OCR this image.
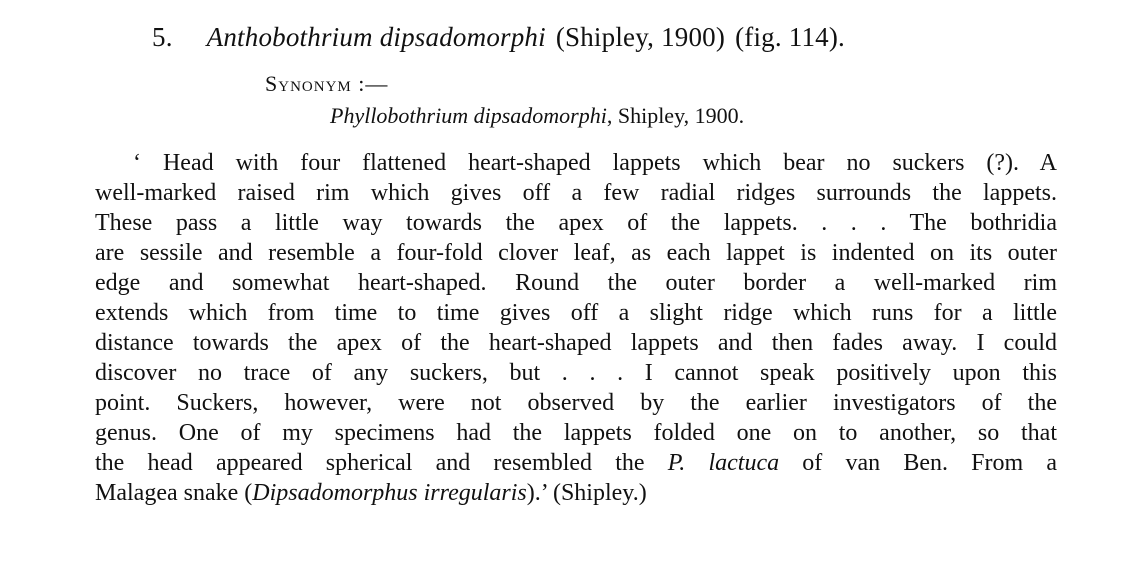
5. Anthobothrium dipsadomorphi (Shipley, 1900) (fig. 114).
Synonym :—
Phyllobothrium dipsadomorphi, Shipley, 1900.
‘ Head with four flattened heart-shaped lappets which bear no suckers (?). A
well-marked raised rim which gives off a few radial ridges surrounds the lappets.
These pass a little way towards the apex of the lappets. . . . The bothridia
are sessile and resemble a four-fold clover leaf, as each lappet is indented on its outer
edge and somewhat heart-shaped. Round the outer border a well-marked rim
extends which from time to time gives off a slight ridge which runs for a little
distance towards the apex of the heart-shaped lappets and then fades away. I could
discover no trace of any suckers, but . . . I cannot speak positively upon this
point. Suckers, however, were not observed by the earlier investigators of the
genus. One of my specimens had the lappets folded one on to another, so that
the head appeared spherical and resembled the P. lactuca of van Ben. From a
Malagea snake (Dipsadomorphus irregularis).’ (Shipley.)
